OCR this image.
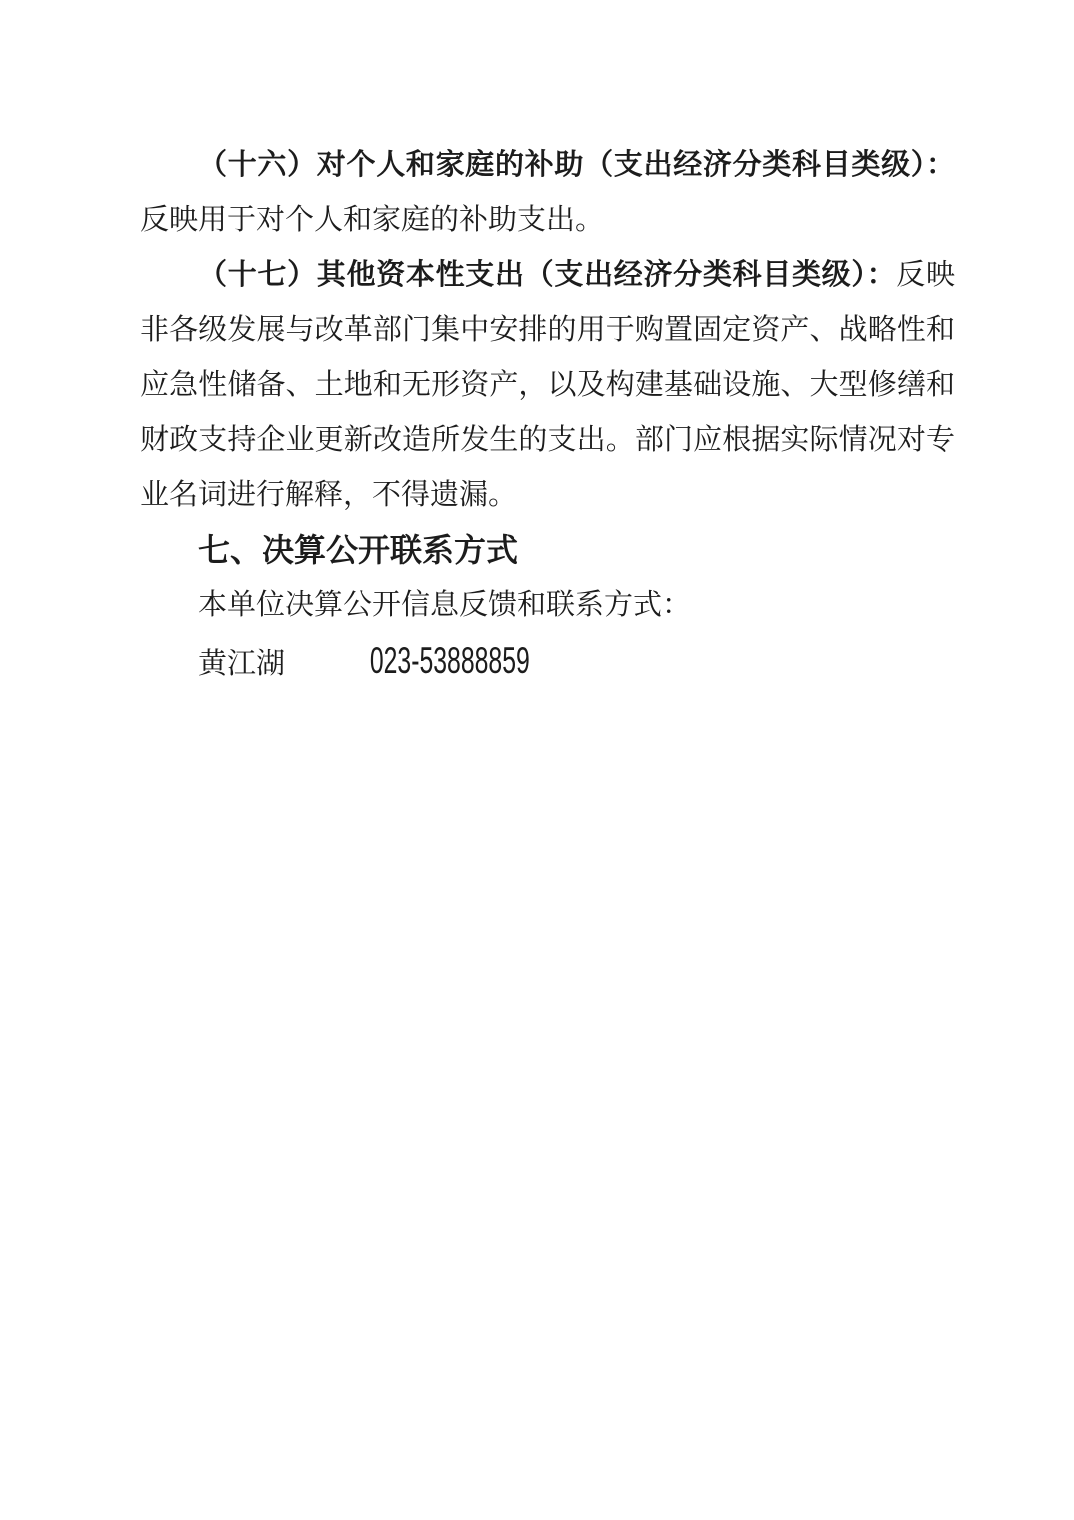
（十六）对个人和家庭的补助（支出经济分类科目类级）：反映用于对个人和家庭的补助支出。

（十七）其他资本性支出（支出经济分类科目类级）：反映非各级发展与改革部门集中安排的用于购置固定资产、战略性和应急性储备、土地和无形资产，以及构建基础设施、大型修缮和财政支持企业更新改造所发生的支出。部门应根据实际情况对专业名词进行解释，不得遗漏。

七、决算公开联系方式

本单位决算公开信息反馈和联系方式：

黄江湖 023-53888859
